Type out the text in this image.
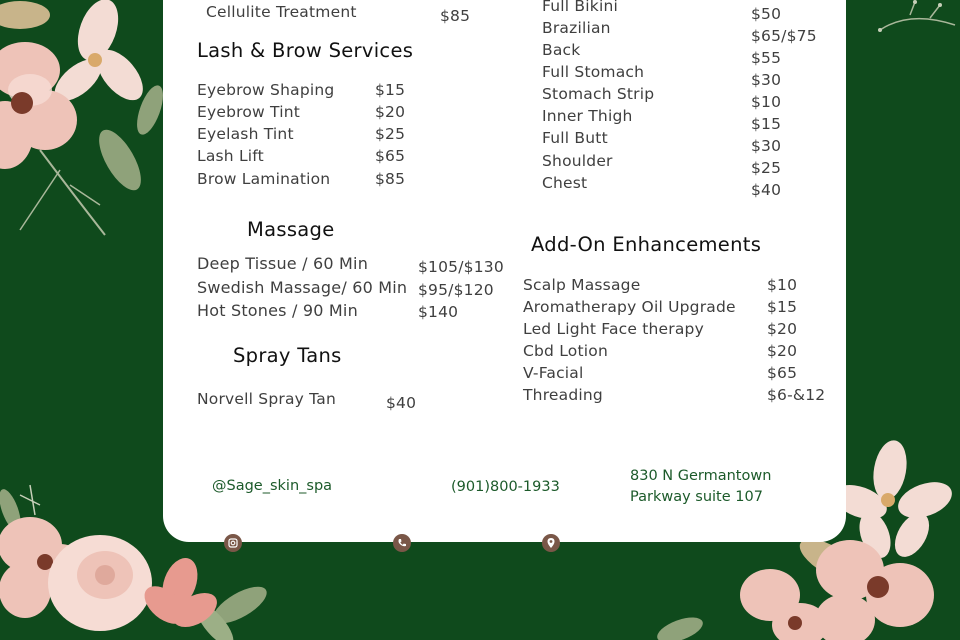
Cellulite Treatment	$85
Lash & Brow Services
Eyebrow Shaping	$15
Eyebrow Tint	$20
Eyelash Tint	$25
Lash Lift	$65
Brow Lamination	$85
Full Bikini	$50
Brazilian	$65/$75
Back	$55
Full Stomach	$30
Stomach Strip	$10
Inner Thigh	$15
Full Butt	$30
Shoulder	$25
Chest	$40
Massage
Deep Tissue / 60 Min	$105/$130
Swedish Massage/ 60 Min $95/$120
Hot Stones / 90 Min	$140
Spray Tans
Norvell Spray Tan	$40
Add-On Enhancements
Scalp Massage	$10
Aromatherapy Oil Upgrade $15
Led Light Face therapy	$20
Cbd Lotion	$20
V-Facial	$65
Threading	$6-&12
@Sage_skin_spa	(901)800-1933
830 N Germantown
Parkway suite 107
